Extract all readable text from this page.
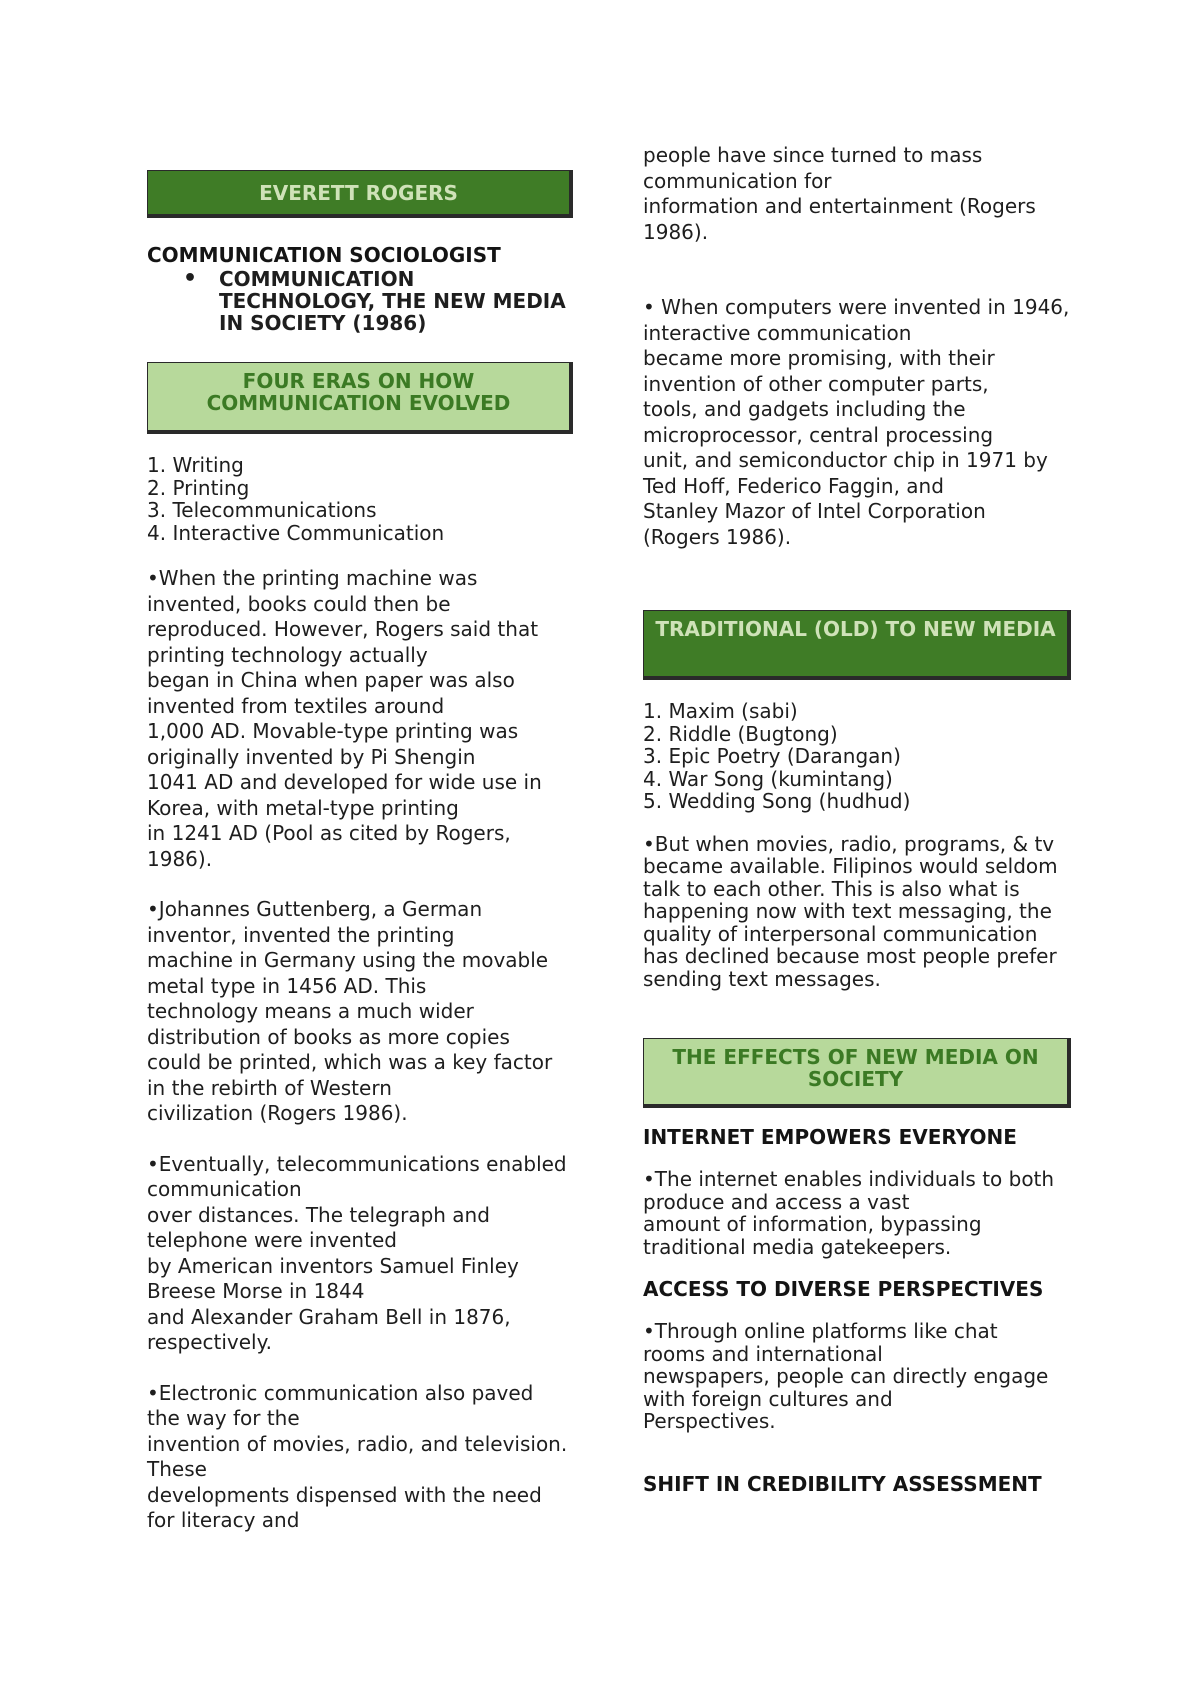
EVERETT ROGERS
COMMUNICATION SOCIOLOGIST
• COMMUNICATION TECHNOLOGY, THE NEW MEDIA IN SOCIETY (1986)
FOUR ERAS ON HOW COMMUNICATION EVOLVED
1. Writing
2. Printing
3. Telecommunications
4. Interactive Communication

•When the printing machine was
invented, books could then be
reproduced. However, Rogers said that
printing technology actually
began in China when paper was also
invented from textiles around
1,000 AD. Movable-type printing was
originally invented by Pi Shengin
1041 AD and developed for wide use in
Korea, with metal-type printing
in 1241 AD (Pool as cited by Rogers,
1986).

•Johannes Guttenberg, a German
inventor, invented the printing
machine in Germany using the movable
metal type in 1456 AD. This
technology means a much wider
distribution of books as more copies
could be printed, which was a key factor
in the rebirth of Western
civilization (Rogers 1986).

•Eventually, telecommunications enabled
communication
over distances. The telegraph and
telephone were invented
by American inventors Samuel Finley
Breese Morse in 1844
and Alexander Graham Bell in 1876,
respectively.

•Electronic communication also paved
the way for the
invention of movies, radio, and television.
These
developments dispensed with the need
for literacy and

people have since turned to mass
communication for
information and entertainment (Rogers
1986).

• When computers were invented in 1946,
interactive communication
became more promising, with their
invention of other computer parts,
tools, and gadgets including the
microprocessor, central processing
unit, and semiconductor chip in 1971 by
Ted Hoff, Federico Faggin, and
Stanley Mazor of Intel Corporation
(Rogers 1986).

TRADITIONAL (OLD) TO NEW MEDIA
1. Maxim (sabi)
2. Riddle (Bugtong)
3. Epic Poetry (Darangan)
4. War Song (kumintang)
5. Wedding Song (hudhud)

•But when movies, radio, programs, & tv
became available. Filipinos would seldom
talk to each other. This is also what is
happening now with text messaging, the
quality of interpersonal communication
has declined because most people prefer
sending text messages.

THE EFFECTS OF NEW MEDIA ON SOCIETY
INTERNET EMPOWERS EVERYONE

•The internet enables individuals to both
produce and access a vast
amount of information, bypassing
traditional media gatekeepers.

ACCESS TO DIVERSE PERSPECTIVES

•Through online platforms like chat
rooms and international
newspapers, people can directly engage
with foreign cultures and
Perspectives.

SHIFT IN CREDIBILITY ASSESSMENT
